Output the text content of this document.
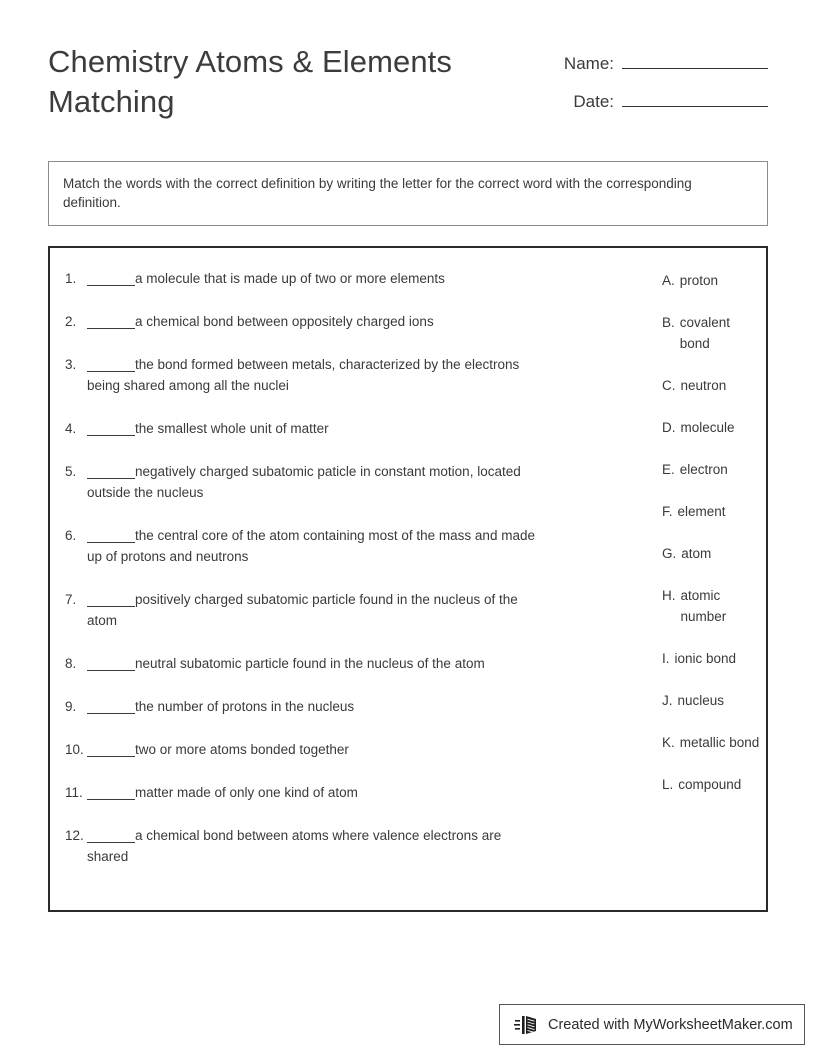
Chemistry Atoms & Elements Matching
Name:
Date:
Match the words with the correct definition by writing the letter for the correct word with the corresponding definition.
1.	a molecule that is made up of two or more elements
2.	a chemical bond between oppositely charged ions
3.	the bond formed between metals, characterized by the electrons being shared among all the nuclei
4.	the smallest whole unit of matter
5.	negatively charged subatomic paticle in constant motion, located outside the nucleus
6.	the central core of the atom containing most of the mass and made up of protons and neutrons
7.	positively charged subatomic particle found in the nucleus of the atom
8.	neutral subatomic particle found in the nucleus of the atom
9.	the number of protons in the nucleus
10.	two or more atoms bonded together
11.	matter made of only one kind of atom
12.	a chemical bond between atoms where valence electrons are shared
A. proton
B. covalent bond
C. neutron
D. molecule
E. electron
F. element
G. atom
H. atomic number
I. ionic bond
J. nucleus
K. metallic bond
L. compound
Created with MyWorksheetMaker.com
